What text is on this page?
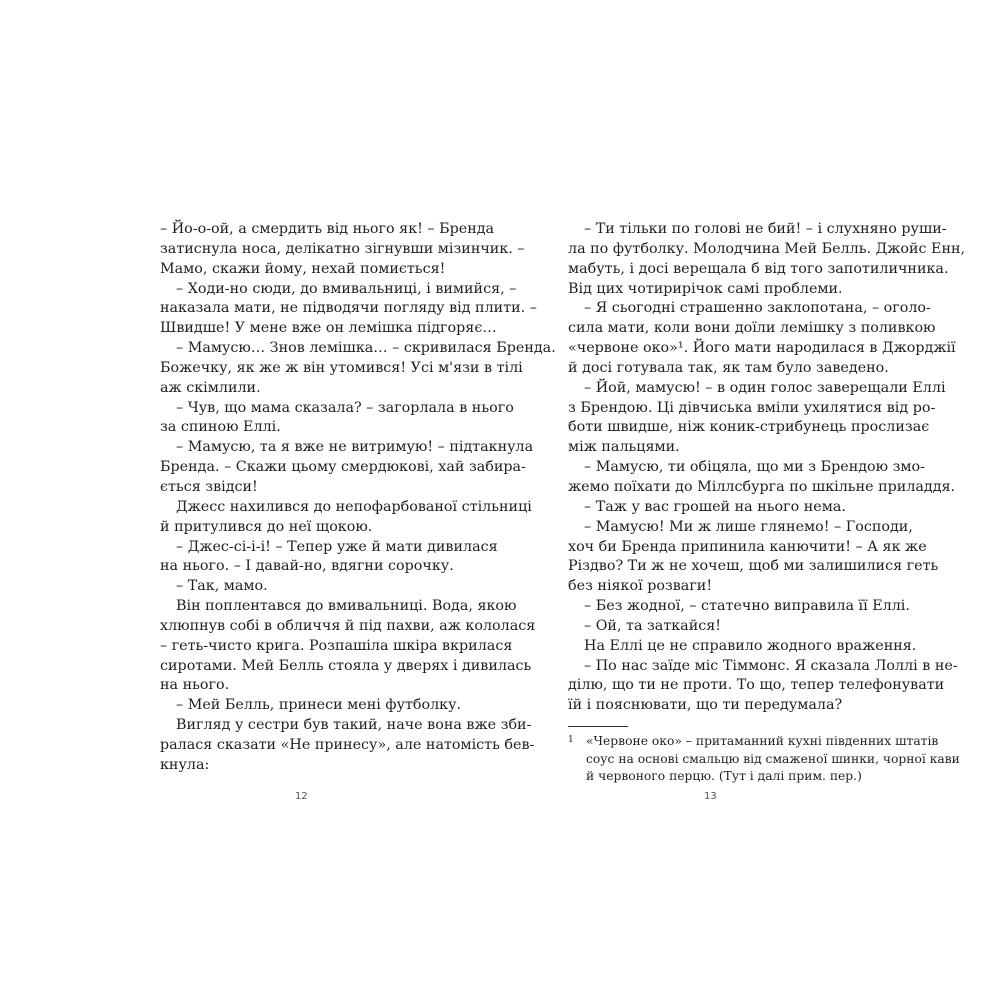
– Йо-о-ой, а смердить від нього як! – Бренда
затиснула носа, делікатно зігнувши мізинчик. –
Мамо, скажи йому, нехай помиється!
– Ходи-но сюди, до вмивальниці, і вимийся, –
наказала мати, не підводячи погляду від плити. –
Швидше! У мене вже он лемішка підгоряє…
– Мамусю… Знов лемішка… – скривилася Бренда.
Божечку, як же ж він утомився! Усі м'язи в тілі
аж скімлили.
– Чув, що мама сказала? – загорлала в нього
за спиною Еллі.
– Мамусю, та я вже не витримую! – підтакнула
Бренда. – Скажи цьому смердюкові, хай забира-
ється звідси!
Джесс нахилився до непофарбованої стільниці
й притулився до неї щокою.
– Джес-сі-і-і! – Тепер уже й мати дивилася
на нього. – І давай-но, вдягни сорочку.
– Так, мамо.
Він поплентався до вмивальниці. Вода, якою
хлюпнув собі в обличчя й під пахви, аж кололася
– геть-чисто крига. Розпашіла шкіра вкрилася
сиротами. Мей Белль стояла у дверях і дивилась
на нього.
– Мей Белль, принеси мені футболку.
Вигляд у сестри був такий, наче вона вже зби-
ралася сказати «Не принесу», але натомість бев-
кнула:
12
– Ти тільки по голові не бий! – і слухняно руши-
ла по футболку. Молодчина Мей Белль. Джойс Енн,
мабуть, і досі верещала б від того запотиличника.
Від цих чотирирічок самі проблеми.
– Я сьогодні страшенно заклопотана, – оголо-
сила мати, коли вони доїли лемішку з поливкою
«червоне око»¹. Його мати народилася в Джорджії
й досі готувала так, як там було заведено.
– Йой, мамусю! – в один голос заверещали Еллі
з Брендою. Ці дівчиська вміли ухилятися від ро-
боти швидше, ніж коник-стрибунець прослизає
між пальцями.
– Мамусю, ти обіцяла, що ми з Брендою змо-
жемо поїхати до Міллсбурга по шкільне приладдя.
– Таж у вас грошей на нього нема.
– Мамусю! Ми ж лише глянемо! – Господи,
хоч би Бренда припинила канючити! – А як же
Різдво? Ти ж не хочеш, щоб ми залишилися геть
без ніякої розваги!
– Без жодної, – статечно виправила її Еллі.
– Ой, та заткайся!
На Еллі це не справило жодного враження.
– По нас заїде міс Тіммонс. Я сказала Лоллі в не-
ділю, що ти не проти. То що, тепер телефонувати
їй і пояснювати, що ти передумала?
1 «Червоне око» – притаманний кухні південних штатів
соус на основі смальцю від смаженої шинки, чорної кави
й червоного перцю. (Тут і далі прим. пер.)
13
